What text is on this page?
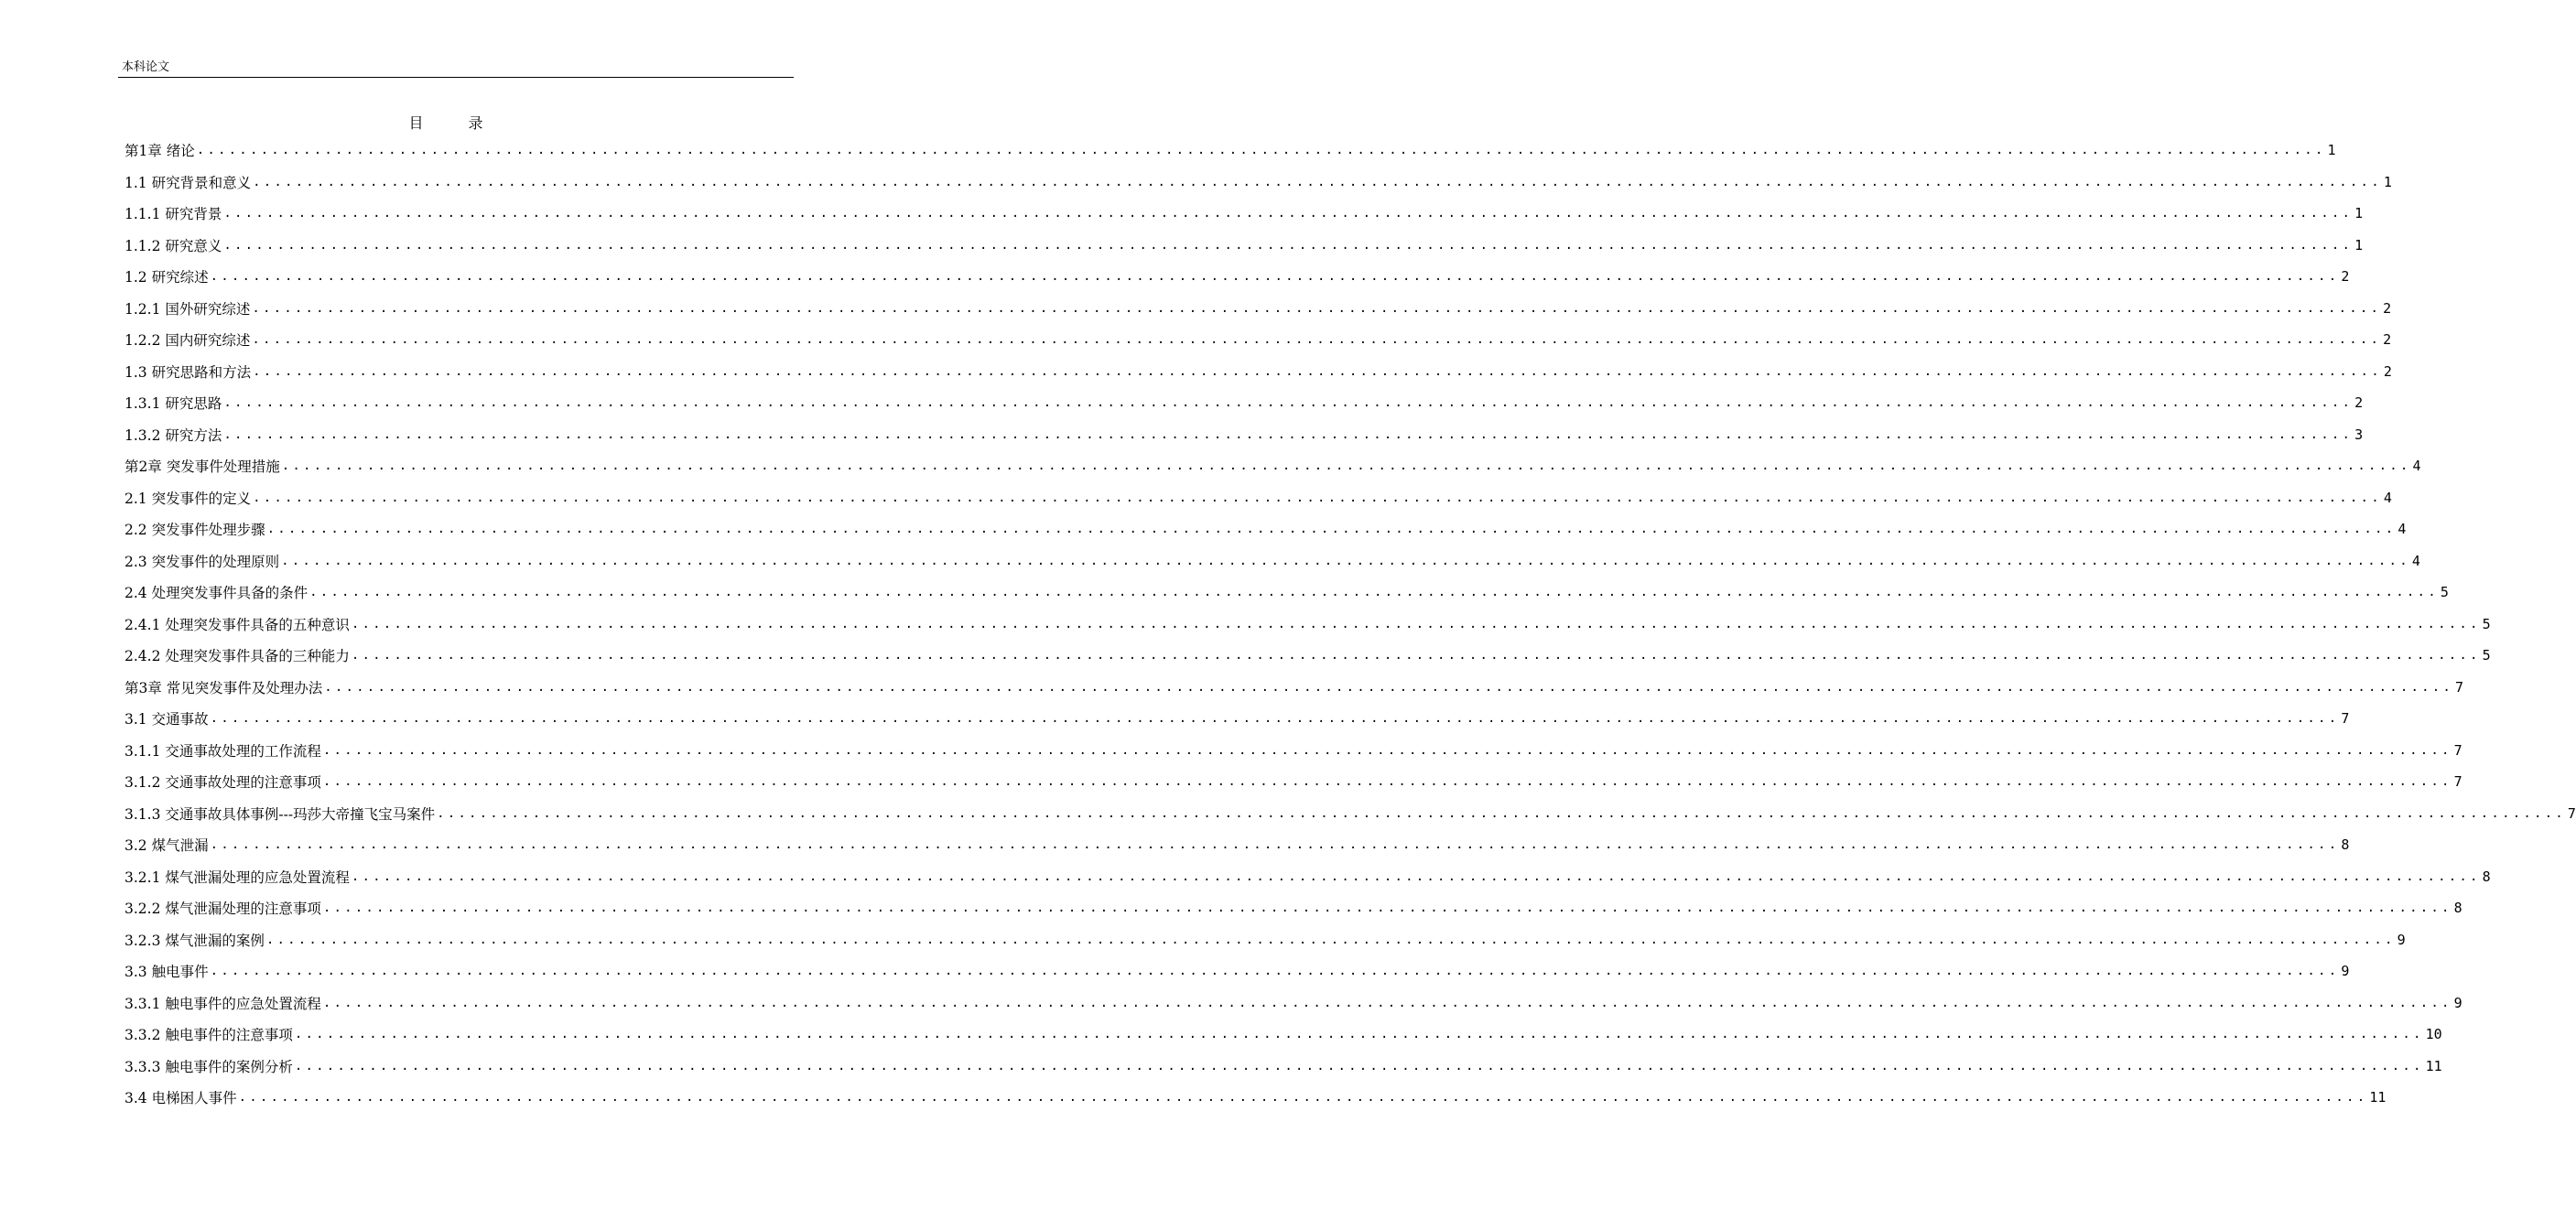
本科论文
目 录
第1章 绪论 ........................................................................................................................................................................................................ 1
1.1 研究背景和意义 ........................................................................................................................................................................................................ 1
1.1.1 研究背景 ........................................................................................................................................................................................................ 1
1.1.2 研究意义 ........................................................................................................................................................................................................ 1
1.2 研究综述 ........................................................................................................................................................................................................ 2
1.2.1 国外研究综述 ........................................................................................................................................................................................................ 2
1.2.2 国内研究综述 ........................................................................................................................................................................................................ 2
1.3 研究思路和方法 ........................................................................................................................................................................................................ 2
1.3.1 研究思路 ........................................................................................................................................................................................................ 2
1.3.2 研究方法 ........................................................................................................................................................................................................ 3
第2章 突发事件处理措施 ........................................................................................................................................................................................................ 4
2.1 突发事件的定义 ........................................................................................................................................................................................................ 4
2.2 突发事件处理步骤 ........................................................................................................................................................................................................ 4
2.3 突发事件的处理原则 ........................................................................................................................................................................................................ 4
2.4 处理突发事件具备的条件 ........................................................................................................................................................................................................ 5
2.4.1 处理突发事件具备的五种意识 ........................................................................................................................................................................................................ 5
2.4.2 处理突发事件具备的三种能力 ........................................................................................................................................................................................................ 5
第3章 常见突发事件及处理办法 ........................................................................................................................................................................................................ 7
3.1 交通事故 ........................................................................................................................................................................................................ 7
3.1.1 交通事故处理的工作流程 ........................................................................................................................................................................................................ 7
3.1.2 交通事故处理的注意事项 ........................................................................................................................................................................................................ 7
3.1.3 交通事故具体事例---玛莎大帝撞飞宝马案件 ........................................................................................................................................................................................................ 7
3.2 煤气泄漏 ........................................................................................................................................................................................................ 8
3.2.1 煤气泄漏处理的应急处置流程 ........................................................................................................................................................................................................ 8
3.2.2 煤气泄漏处理的注意事项 ........................................................................................................................................................................................................ 8
3.2.3 煤气泄漏的案例 ........................................................................................................................................................................................................ 9
3.3 触电事件 ........................................................................................................................................................................................................ 9
3.3.1 触电事件的应急处置流程 ........................................................................................................................................................................................................ 9
3.3.2 触电事件的注意事项 ........................................................................................................................................................................................................ 10
3.3.3 触电事件的案例分析 ........................................................................................................................................................................................................ 11
3.4 电梯困人事件 ........................................................................................................................................................................................................ 11
